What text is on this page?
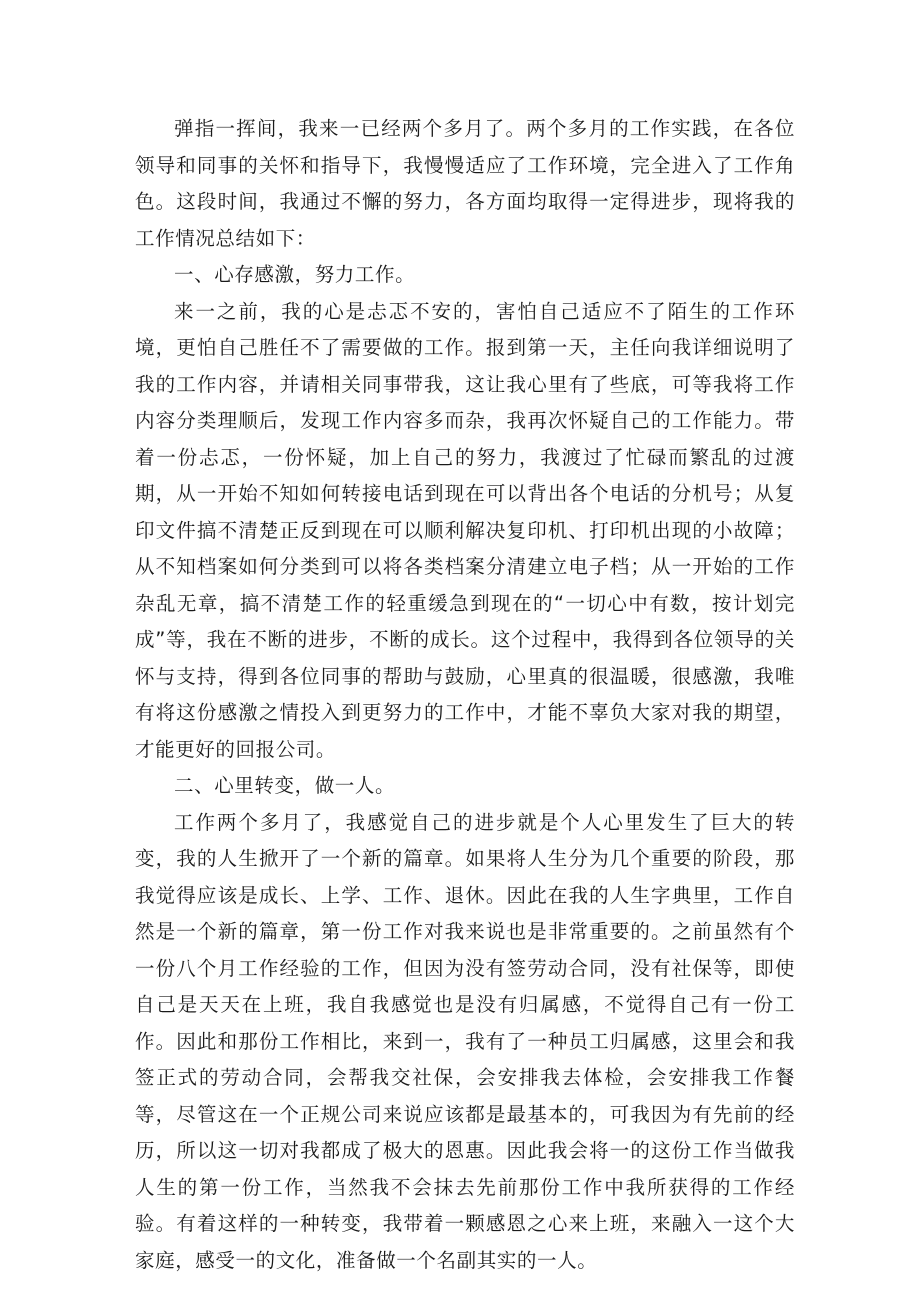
弹指一挥间，我来一已经两个多月了。两个多月的工作实践，在各位领导和同事的关怀和指导下，我慢慢适应了工作环境，完全进入了工作角色。这段时间，我通过不懈的努力，各方面均取得一定得进步，现将我的工作情况总结如下：

一、心存感激，努力工作。

来一之前，我的心是忐忑不安的，害怕自己适应不了陌生的工作环境，更怕自己胜任不了需要做的工作。报到第一天，主任向我详细说明了我的工作内容，并请相关同事带我，这让我心里有了些底，可等我将工作内容分类理顺后，发现工作内容多而杂，我再次怀疑自己的工作能力。带着一份忐忑，一份怀疑，加上自己的努力，我渡过了忙碌而繁乱的过渡期，从一开始不知如何转接电话到现在可以背出各个电话的分机号；从复印文件搞不清楚正反到现在可以顺利解决复印机、打印机出现的小故障；从不知档案如何分类到可以将各类档案分清建立电子档；从一开始的工作杂乱无章，搞不清楚工作的轻重缓急到现在的“一切心中有数，按计划完成”等，我在不断的进步，不断的成长。这个过程中，我得到各位领导的关怀与支持，得到各位同事的帮助与鼓励，心里真的很温暖，很感激，我唯有将这份感激之情投入到更努力的工作中，才能不辜负大家对我的期望，才能更好的回报公司。

二、心里转变，做一人。

工作两个多月了，我感觉自己的进步就是个人心里发生了巨大的转变，我的人生掀开了一个新的篇章。如果将人生分为几个重要的阶段，那我觉得应该是成长、上学、工作、退休。因此在我的人生字典里，工作自然是一个新的篇章，第一份工作对我来说也是非常重要的。之前虽然有个一份八个月工作经验的工作，但因为没有签劳动合同，没有社保等，即使自己是天天在上班，我自我感觉也是没有归属感，不觉得自己有一份工作。因此和那份工作相比，来到一，我有了一种员工归属感，这里会和我签正式的劳动合同，会帮我交社保，会安排我去体检，会安排我工作餐等，尽管这在一个正规公司来说应该都是最基本的，可我因为有先前的经历，所以这一切对我都成了极大的恩惠。因此我会将一的这份工作当做我人生的第一份工作，当然我不会抹去先前那份工作中我所获得的工作经验。有着这样的一种转变，我带着一颗感恩之心来上班，来融入一这个大家庭，感受一的文化，准备做一个名副其实的一人。
